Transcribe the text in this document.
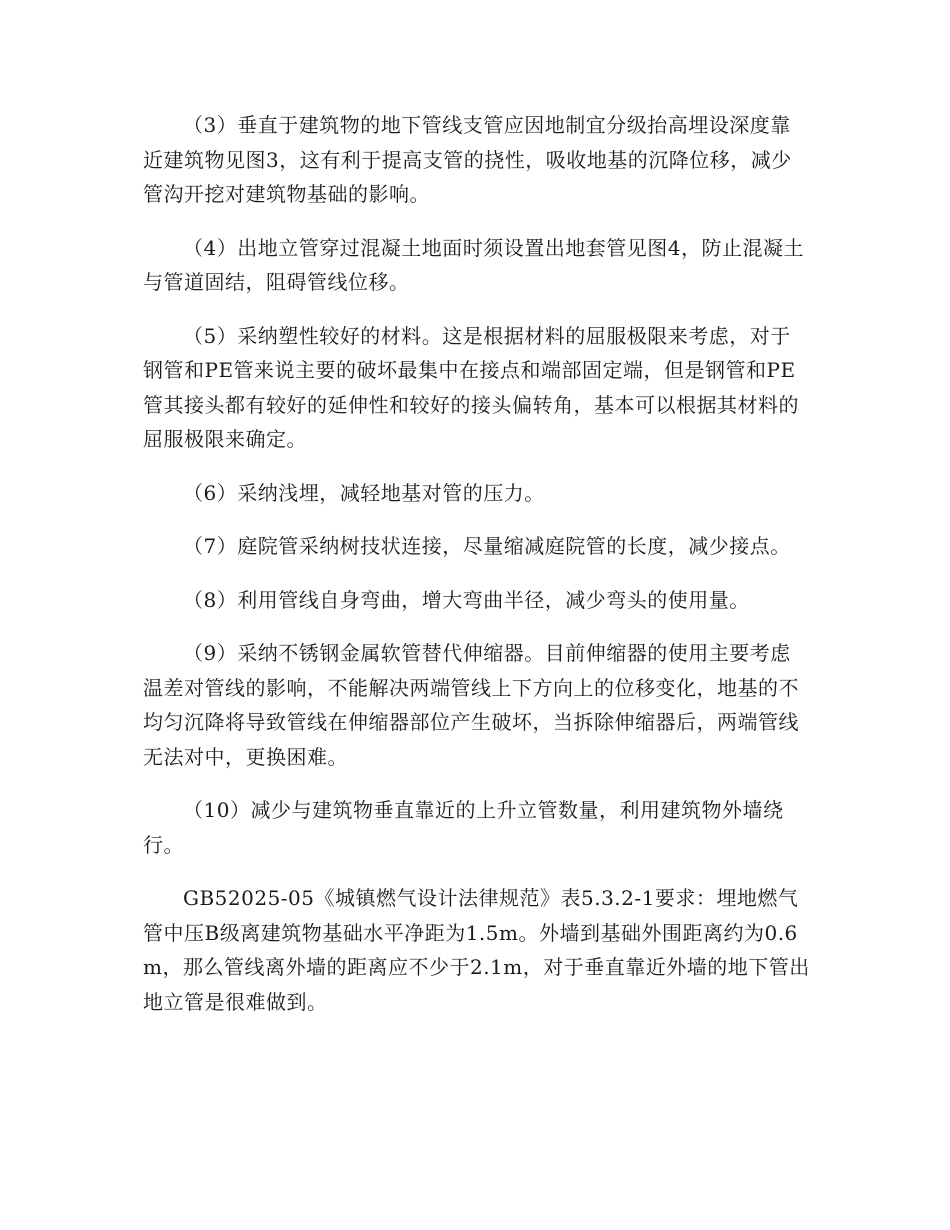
（3）垂直于建筑物的地下管线支管应因地制宜分级抬高埋设深度靠近建筑物见图3，这有利于提高支管的挠性，吸收地基的沉降位移，减少管沟开挖对建筑物基础的影响。

（4）出地立管穿过混凝土地面时须设置出地套管见图4，防止混凝土与管道固结，阻碍管线位移。

（5）采纳塑性较好的材料。这是根据材料的屈服极限来考虑，对于钢管和PE管来说主要的破坏最集中在接点和端部固定端，但是钢管和PE管其接头都有较好的延伸性和较好的接头偏转角，基本可以根据其材料的屈服极限来确定。

（6）采纳浅埋，减轻地基对管的压力。

（7）庭院管采纳树技状连接，尽量缩减庭院管的长度，减少接点。

（8）利用管线自身弯曲，增大弯曲半径，减少弯头的使用量。

（9）采纳不锈钢金属软管替代伸缩器。目前伸缩器的使用主要考虑温差对管线的影响，不能解决两端管线上下方向上的位移变化，地基的不均匀沉降将导致管线在伸缩器部位产生破坏，当拆除伸缩器后，两端管线无法对中，更换困难。

（10）减少与建筑物垂直靠近的上升立管数量，利用建筑物外墙绕行。

GB52025-05《城镇燃气设计法律规范》表5.3.2-1要求：埋地燃气管中压B级离建筑物基础水平净距为1.5m。外墙到基础外围距离约为0.6m，那么管线离外墙的距离应不少于2.1m，对于垂直靠近外墙的地下管出地立管是很难做到。
